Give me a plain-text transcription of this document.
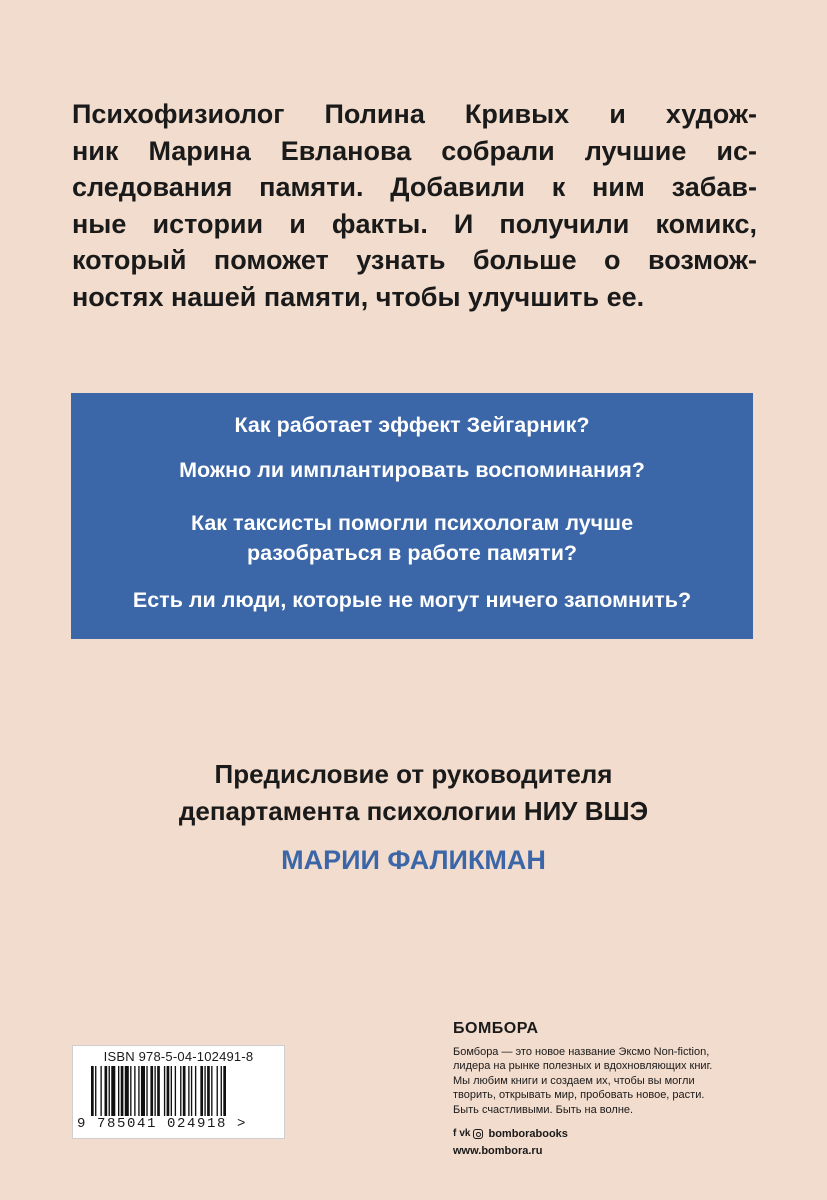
Психофизиолог Полина Кривых и худож-
ник Марина Евланова собрали лучшие ис-
следования памяти. Добавили к ним забав-
ные истории и факты. И получили комикс,
который поможет узнать больше о возмож-
ностях нашей памяти, чтобы улучшить ее.
Как работает эффект Зейгарник?
Можно ли имплантировать воспоминания?
Как таксисты помогли психологам лучше
разобраться в работе памяти?
Есть ли люди, которые не могут ничего запомнить?
Предисловие от руководителя
департамента психологии НИУ ВШЭ
МАРИИ ФАЛИКМАН
ISBN 978-5-04-102491-8
9 785041 024918 >
БОМБОРА
Бомбора — это новое название Эксмо Non-fiction,
лидера на рынке полезных и вдохновляющих книг.
Мы любим книги и создаем их, чтобы вы могли
творить, открывать мир, пробовать новое, расти.
Быть счастливыми. Быть на волне.
f vk bomborabooks
www.bombora.ru
